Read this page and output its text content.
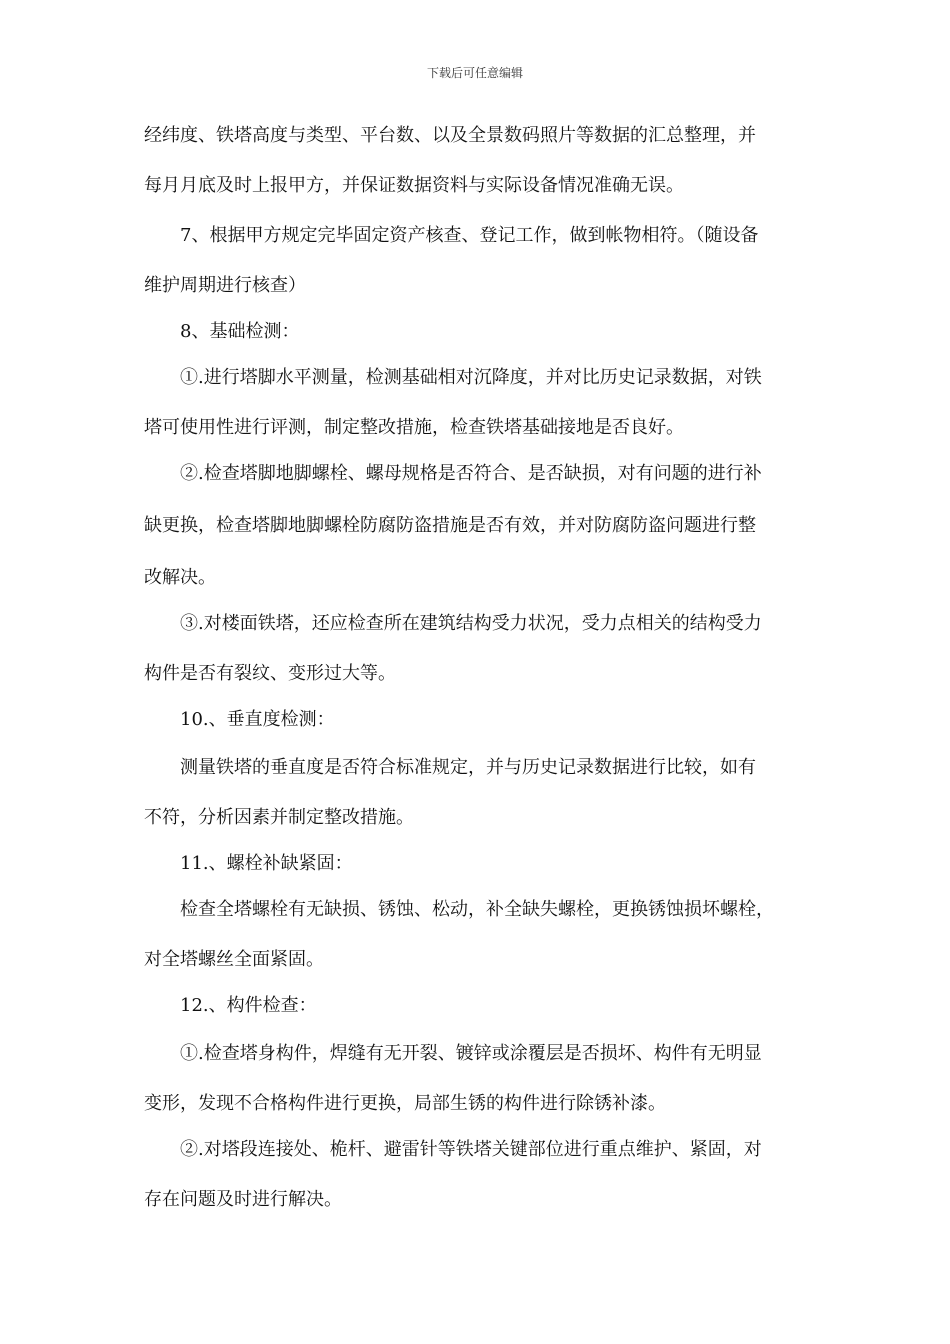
下载后可任意编辑
经纬度、铁塔高度与类型、平台数、以及全景数码照片等数据的汇总整理，并
每月月底及时上报甲方，并保证数据资料与实际设备情况准确无误。
7、根据甲方规定完毕固定资产核查、登记工作，做到帐物相符。（随设备
维护周期进行核查）
8、基础检测：
①.进行塔脚水平测量，检测基础相对沉降度，并对比历史记录数据，对铁
塔可使用性进行评测，制定整改措施，检查铁塔基础接地是否良好。
②.检查塔脚地脚螺栓、螺母规格是否符合、是否缺损，对有问题的进行补
缺更换，检查塔脚地脚螺栓防腐防盗措施是否有效，并对防腐防盗问题进行整
改解决。
③.对楼面铁塔，还应检查所在建筑结构受力状况，受力点相关的结构受力
构件是否有裂纹、变形过大等。
10.、垂直度检测：
测量铁塔的垂直度是否符合标准规定，并与历史记录数据进行比较，如有
不符，分析因素并制定整改措施。
11.、螺栓补缺紧固：
检查全塔螺栓有无缺损、锈蚀、松动，补全缺失螺栓，更换锈蚀损坏螺栓，
对全塔螺丝全面紧固。
12.、构件检查：
①.检查塔身构件，焊缝有无开裂、镀锌或涂覆层是否损坏、构件有无明显
变形，发现不合格构件进行更换，局部生锈的构件进行除锈补漆。
②.对塔段连接处、桅杆、避雷针等铁塔关键部位进行重点维护、紧固，对
存在问题及时进行解决。
